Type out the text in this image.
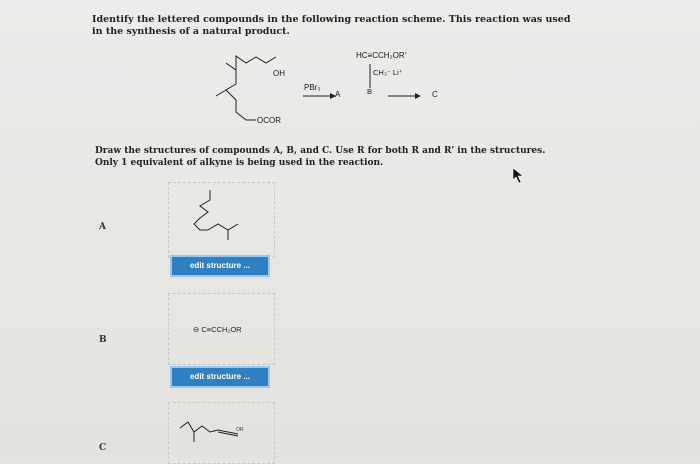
Identify the lettered compounds in the following reaction scheme. This reaction was used in the synthesis of a natural product.
OH
OCOR
PBr₃
A
HC≡CCH₂OR'
CH₃⁻ Li⁺
B	C
Draw the structures of compounds A, B, and C. Use R for both R and R' in the structures. Only 1 equivalent of alkyne is being used in the reaction.
A
edit structure ...
B
⊖ C≡CCH₂OR
edit structure ...
C
OR
